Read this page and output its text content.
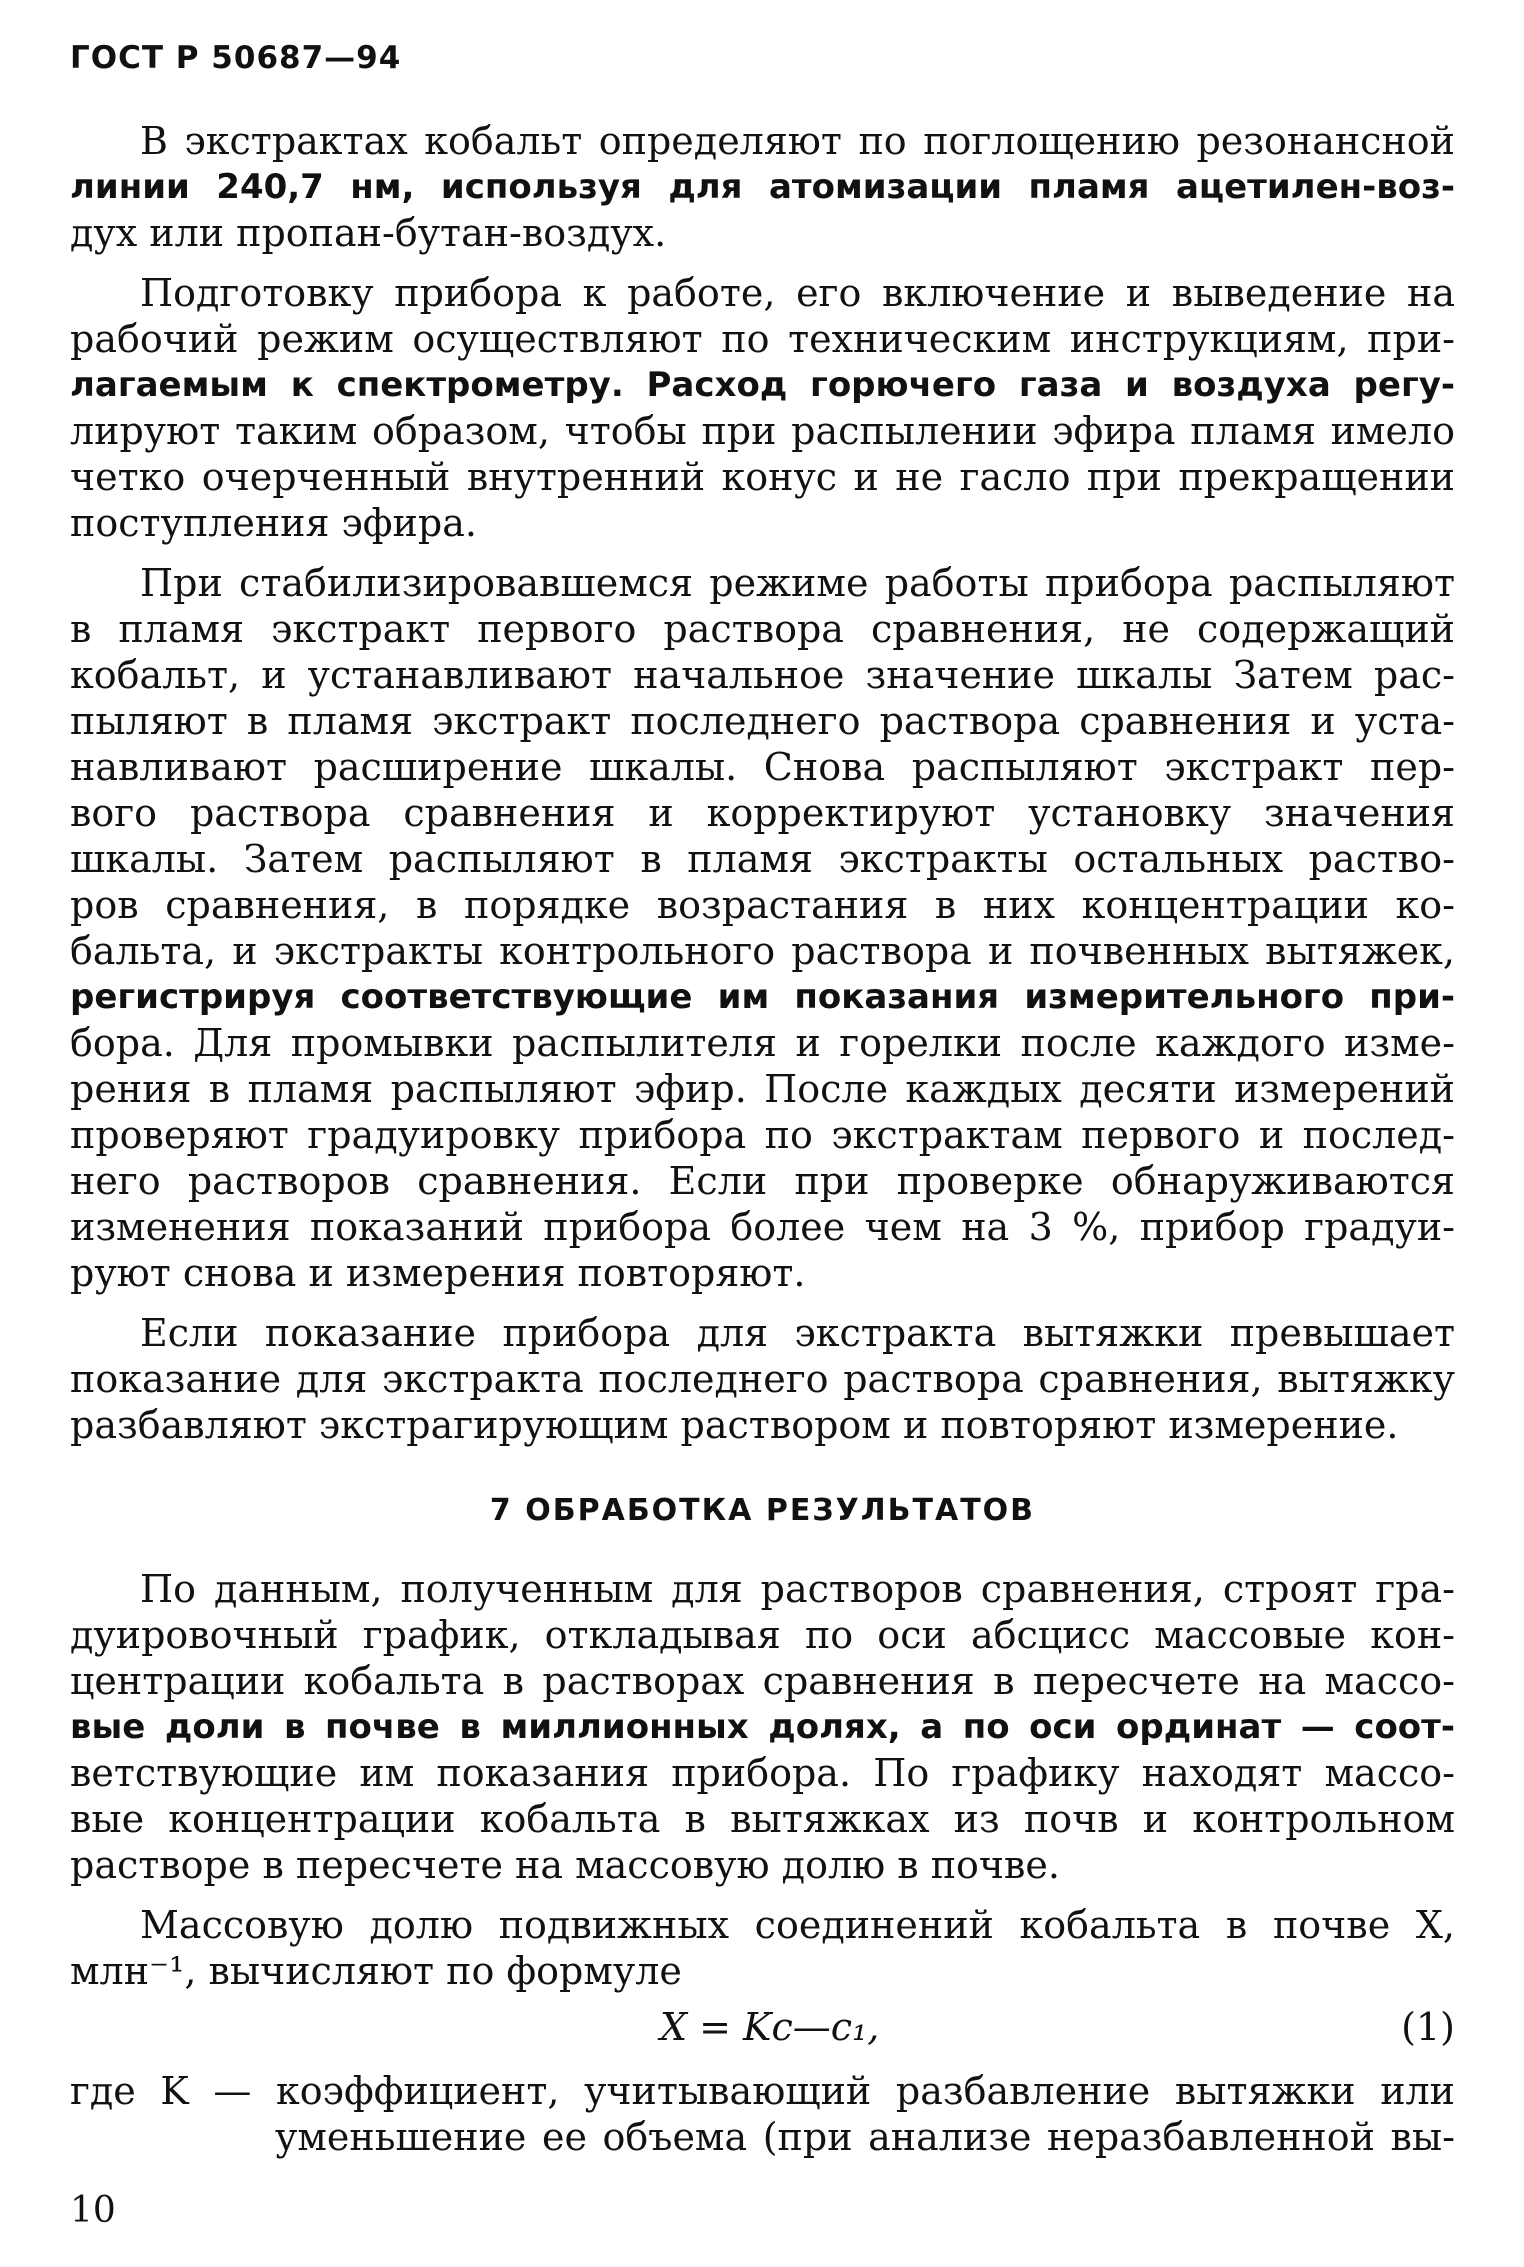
ГОСТ Р 50687—94
В экстрактах кобальт определяют по поглощению резонансной
линии 240,7 нм, используя для атомизации пламя ацетилен-воз-
дух или пропан-бутан-воздух.
Подготовку прибора к работе, его включение и выведение на
рабочий режим осуществляют по техническим инструкциям, при-
лагаемым к спектрометру. Расход горючего газа и воздуха регу-
лируют таким образом, чтобы при распылении эфира пламя имело
четко очерченный внутренний конус и не гасло при прекращении
поступления эфира.
При стабилизировавшемся режиме работы прибора распыляют
в пламя экстракт первого раствора сравнения, не содержащий
кобальт, и устанавливают начальное значение шкалы Затем рас-
пыляют в пламя экстракт последнего раствора сравнения и уста-
навливают расширение шкалы. Снова распыляют экстракт пер-
вого раствора сравнения и корректируют установку значения
шкалы. Затем распыляют в пламя экстракты остальных раство-
ров сравнения, в порядке возрастания в них концентрации ко-
бальта, и экстракты контрольного раствора и почвенных вытяжек,
регистрируя соответствующие им показания измерительного при-
бора. Для промывки распылителя и горелки после каждого изме-
рения в пламя распыляют эфир. После каждых десяти измерений
проверяют градуировку прибора по экстрактам первого и послед-
него растворов сравнения. Если при проверке обнаруживаются
изменения показаний прибора более чем на 3 %, прибор градуи-
руют снова и измерения повторяют.
Если показание прибора для экстракта вытяжки превышает
показание для экстракта последнего раствора сравнения, вытяжку
разбавляют экстрагирующим раствором и повторяют измерение.
7 ОБРАБОТКА РЕЗУЛЬТАТОВ
По данным, полученным для растворов сравнения, строят гра-
дуировочный график, откладывая по оси абсцисс массовые кон-
центрации кобальта в растворах сравнения в пересчете на массо-
вые доли в почве в миллионных долях, а по оси ординат — соот-
ветствующие им показания прибора. По графику находят массо-
вые концентрации кобальта в вытяжках из почв и контрольном
растворе в пересчете на массовую долю в почве.
Массовую долю подвижных соединений кобальта в почве X,
млн⁻¹, вычисляют по формуле
X = Kc—c₁,	(1)
где K — коэффициент, учитывающий разбавление вытяжки или
уменьшение ее объема (при анализе неразбавленной вы-
10
